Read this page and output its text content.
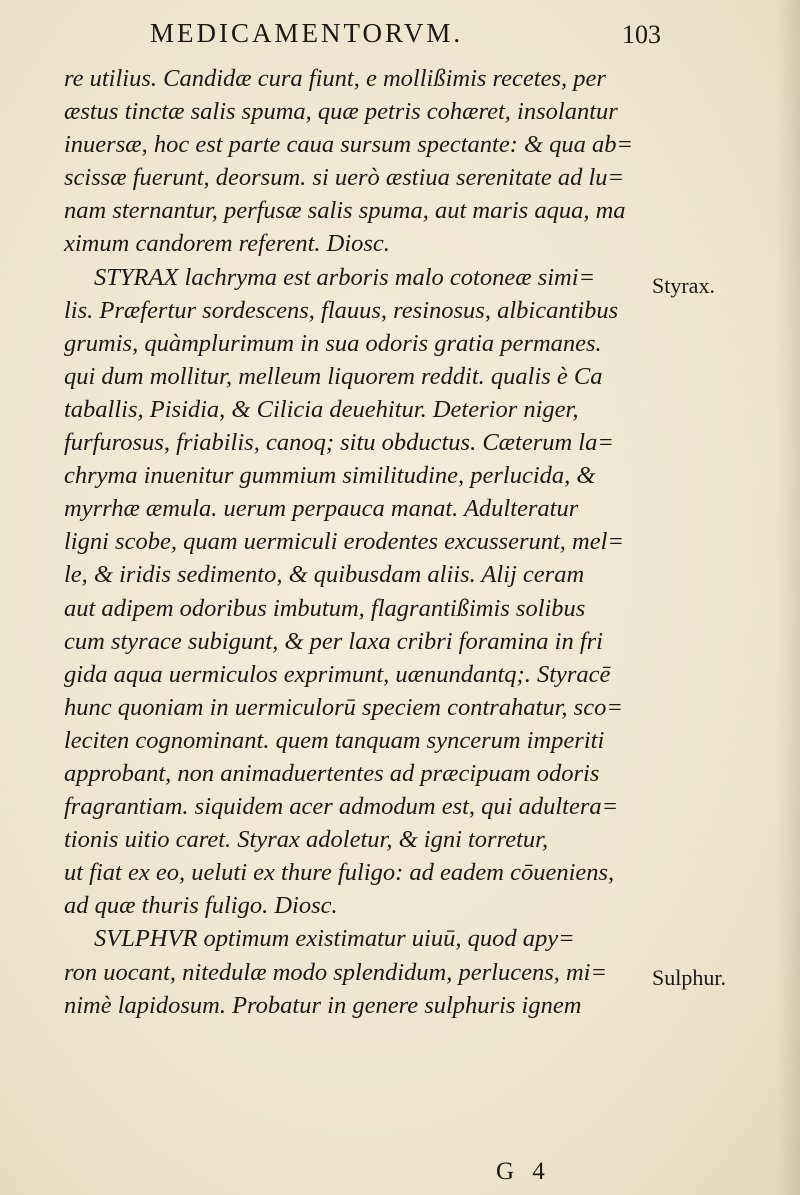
MEDICAMENTORVM.	103
re utilius. Candidæ cura fiunt, e mollißimis recetes, per
æstus tinctæ salis spuma, quæ petris cohæret, insolantur
inuersæ, hoc est parte caua sursum spectante: & qua ab=
scissæ fuerunt, deorsum. si uerò æstiua serenitate ad lu=
nam sternantur, perfusæ salis spuma, aut maris aqua, ma
ximum candorem referent. Diosc.
STYRAX lachryma est arboris malo cotoneæ simi=
lis. Præfertur sordescens, flauus, resinosus, albicantibus
grumis, quàmplurimum in sua odoris gratia permanes.
qui dum mollitur, melleum liquorem reddit. qualis è Ca
taballis, Pisidia, & Cilicia deuehitur. Deterior niger,
furfurosus, friabilis, canoq; situ obductus. Cæterum la=
chryma inuenitur gummium similitudine, perlucida, &
myrrhæ æmula. uerum perpauca manat. Adulteratur
ligni scobe, quam uermiculi erodentes excusserunt, mel=
le, & iridis sedimento, & quibusdam aliis. Alij ceram
aut adipem odoribus imbutum, flagrantißimis solibus
cum styrace subigunt, & per laxa cribri foramina in fri
gida aqua uermiculos exprimunt, uænundantq;. Styracē
hunc quoniam in uermiculorū speciem contrahatur, sco=
leciten cognominant. quem tanquam syncerum imperiti
approbant, non animaduertentes ad præcipuam odoris
fragrantiam. siquidem acer admodum est, qui adultera=
tionis uitio caret. Styrax adoletur, & igni torretur,
ut fiat ex eo, ueluti ex thure fuligo: ad eadem cōueniens,
ad quæ thuris fuligo. Diosc.
SVLPHVR optimum existimatur uiuū, quod apy=
ron uocant, nitedulæ modo splendidum, perlucens, mi=
nimè lapidosum. Probatur in genere sulphuris ignem
Styrax.
Sulphur.
G 4
